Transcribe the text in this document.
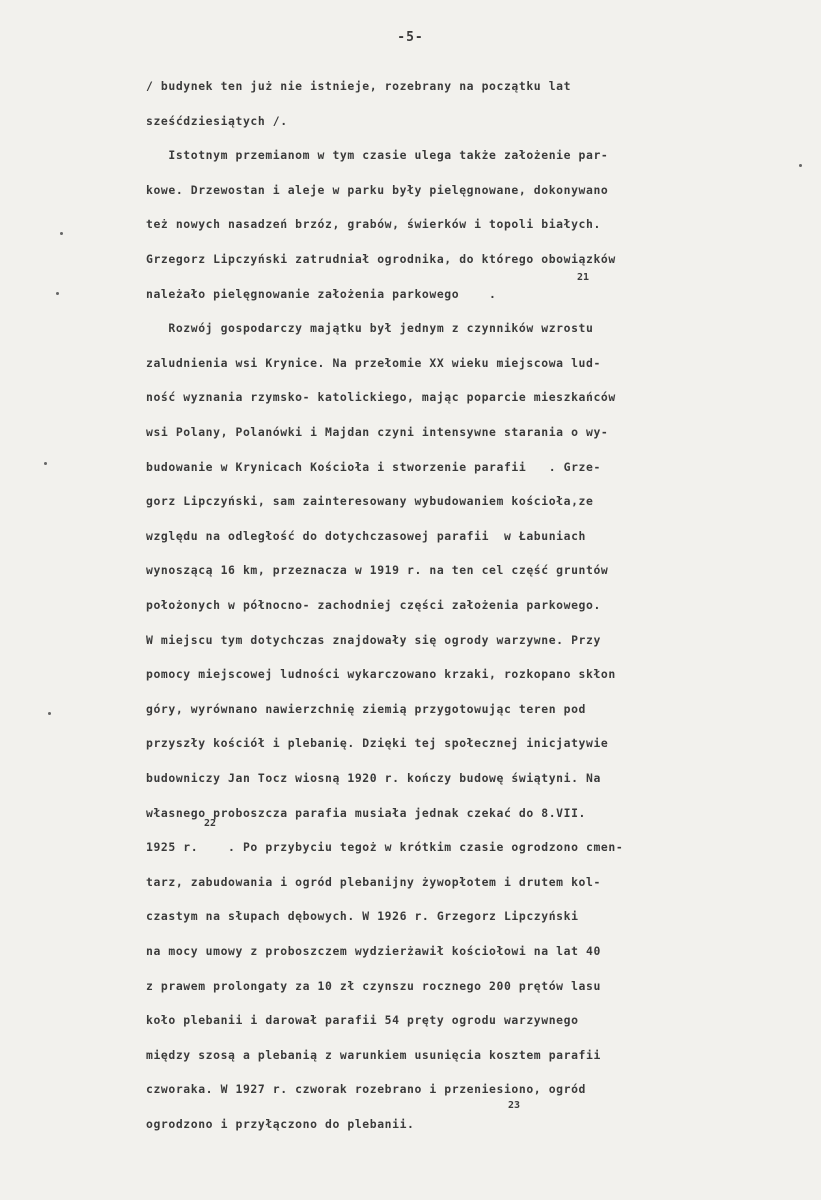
-5-
/ budynek ten już nie istnieje, rozebrany na początku lat
sześćdziesiątych /.
Istotnym przemianom w tym czasie ulega także założenie par-
kowe. Drzewostan i aleje w parku były pielęgnowane, dokonywano
też nowych nasadzeń brzóz, grabów, świerków i topoli białych.
Grzegorz Lipczyński zatrudniał ogrodnika, do którego obowiązków
należało pielęgnowanie założenia parkowego    .
Rozwój gospodarczy majątku był jednym z czynników wzrostu
zaludnienia wsi Krynice. Na przełomie XX wieku miejscowa lud-
ność wyznania rzymsko- katolickiego, mając poparcie mieszkańców
wsi Polany, Polanówki i Majdan czyni intensywne starania o wy-
budowanie w Krynicach Kościoła i stworzenie parafii   . Grze-
gorz Lipczyński, sam zainteresowany wybudowaniem kościoła,ze
względu na odległość do dotychczasowej parafii  w Łabuniach
wynoszącą 16 km, przeznacza w 1919 r. na ten cel część gruntów
położonych w północno- zachodniej części założenia parkowego.
W miejscu tym dotychczas znajdowały się ogrody warzywne. Przy
pomocy miejscowej ludności wykarczowano krzaki, rozkopano skłon
góry, wyrównano nawierzchnię ziemią przygotowując teren pod
przyszły kościół i plebanię. Dzięki tej społecznej inicjatywie
budowniczy Jan Tocz wiosną 1920 r. kończy budowę świątyni. Na
własnego proboszcza parafia musiała jednak czekać do 8.VII.
1925 r.    . Po przybyciu tegoż w krótkim czasie ogrodzono cmen-
tarz, zabudowania i ogród plebanijny żywopłotem i drutem kol-
czastym na słupach dębowych. W 1926 r. Grzegorz Lipczyński
na mocy umowy z proboszczem wydzierżawił kościołowi na lat 40
z prawem prolongaty za 10 zł czynszu rocznego 200 prętów lasu
koło plebanii i darował parafii 54 pręty ogrodu warzywnego
między szosą a plebanią z warunkiem usunięcia kosztem parafii
czworaka. W 1927 r. czworak rozebrano i przeniesiono, ogród
ogrodzono i przyłączono do plebanii.
21
22
23
